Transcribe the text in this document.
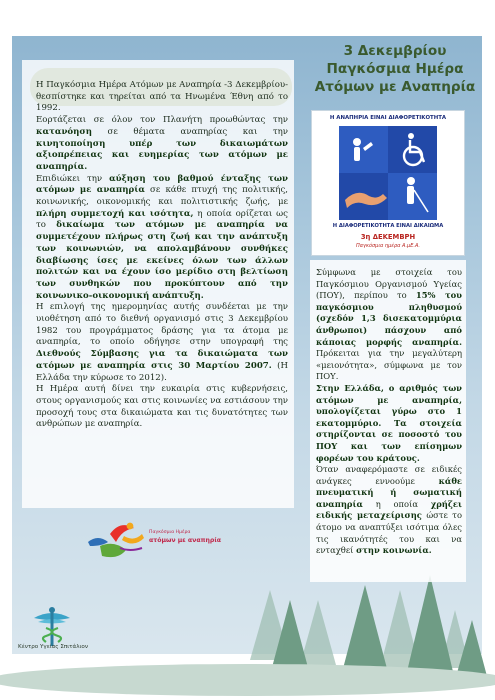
3 Δεκεμβρίου
Παγκόσμια Ημέρα
Ατόμων με Αναπηρία

Η Παγκόσμια Ημέρα Ατόμων με Αναπηρία -3 Δεκεμβρίου- θεσπίστηκε και τηρείται από τα Ηνωμένα Έθνη από το 1992.

Εορτάζεται σε όλον τον Πλανήτη προωθώντας την κατανόηση σε θέματα αναπηρίας και την κινητοποίηση υπέρ των δικαιωμάτων αξιοπρέπειας και ευημερίας των ατόμων με αναπηρία.

Επιδιώκει την αύξηση του βαθμού ένταξης των ατόμων με αναπηρία σε κάθε πτυχή της πολιτικής, κοινωνικής, οικονομικής και πολιτιστικής ζωής, με πλήρη συμμετοχή και ισότητα, η οποία ορίζεται ως το δικαίωμα των ατόμων με αναπηρία να συμμετέχουν πλήρως στη ζωή και την ανάπτυξη των κοινωνιών, να απολαμβάνουν συνθήκες διαβίωσης ίσες με εκείνες όλων των άλλων πολιτών και να έχουν ίσο μερίδιο στη βελτίωση των συνθηκών που προκύπτουν από την κοινωνικο-οικονομική ανάπτυξη.

Η επιλογή της ημερομηνίας αυτής συνδέεται με την υιοθέτηση από το διεθνή οργανισμό στις 3 Δεκεμβρίου 1982 του προγράμματος δράσης για τα άτομα με αναπηρία, το οποίο οδήγησε στην υπογραφή της Διεθνούς Σύμβασης για τα δικαιώματα των ατόμων με αναπηρία στις 30 Μαρτίου 2007. (Η Ελλάδα την κύρωσε το 2012).

Η Ημέρα αυτή δίνει την ευκαιρία στις κυβερνήσεις, στους οργανισμούς και στις κοινωνίες να εστιάσουν την προσοχή τους στα δικαιώματα και τις δυνατότητες των ανθρώπων με αναπηρία.

Η ΑΝΑΠΗΡΙΑ ΕΙΝΑΙ ΔΙΑΦΟΡΕΤΙΚΟΤΗΤΑ
Η ΔΙΑΦΟΡΕΤΙΚΟΤΗΤΑ ΕΙΝΑΙ ΔΙΚΑΙΩΜΑ
3η ΔΕΚΕΜΒΡΗ
Παγκόσμια ημέρα Α.μΕ.Α.

Σύμφωνα με στοιχεία του Παγκόσμιου Οργανισμού Υγείας (ΠΟΥ), περίπου το 15% του παγκόσμιου πληθυσμού (σχεδόν 1,3 δισεκατομμύρια άνθρωποι) πάσχουν από κάποιας μορφής αναπηρία. Πρόκειται για την μεγαλύτερη «μειονότητα», σύμφωνα με τον ΠΟΥ.

Στην Ελλάδα, ο αριθμός των ατόμων με αναπηρία, υπολογίζεται γύρω στο 1 εκατομμύριο. Τα στοιχεία στηρίζονται σε ποσοστό του ΠΟΥ και των επίσημων φορέων του κράτους.

Όταν αναφερόμαστε σε ειδικές ανάγκες εννοούμε κάθε πνευματική ή σωματική αναπηρία η οποία χρήζει ειδικής μεταχείρισης ώστε το άτομο να αναπτύξει ισότιμα όλες τις ικανότητές του και να ενταχθεί στην κοινωνία.

Παγκόσμια Ημέρα
ατόμων με αναπηρία
Κέντρο Υγείας Σπιτάλιον
